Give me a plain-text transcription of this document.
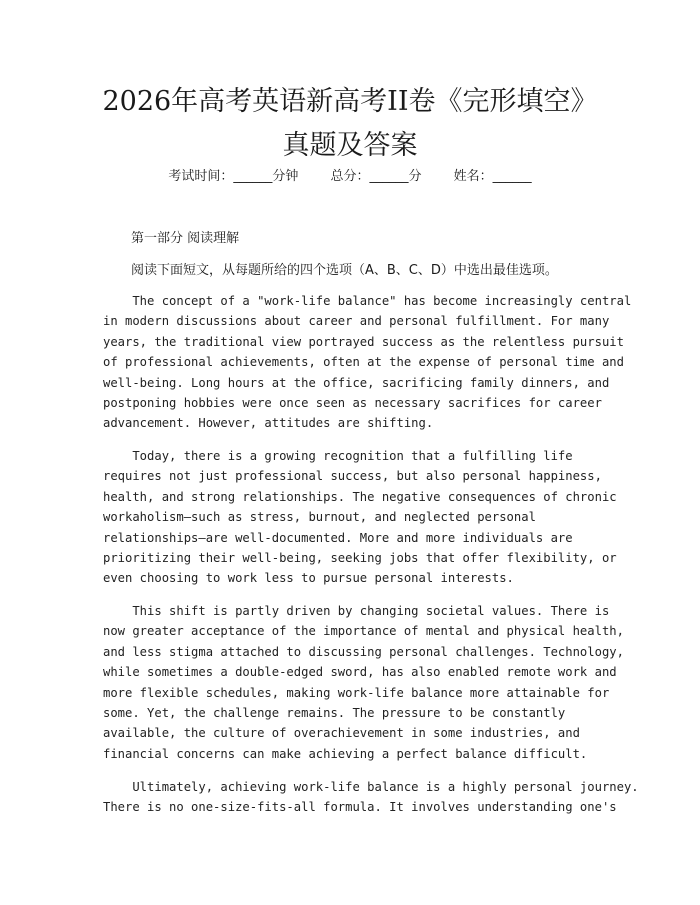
2026年高考英语新高考II卷《完形填空》
真题及答案
考试时间：______分钟 总分：______分 姓名：______
第一部分 阅读理解
阅读下面短文，从每题所给的四个选项（A、B、C、D）中选出最佳选项。
The concept of a "work-life balance" has become increasingly central
in modern discussions about career and personal fulfillment. For many
years, the traditional view portrayed success as the relentless pursuit
of professional achievements, often at the expense of personal time and
well-being. Long hours at the office, sacrificing family dinners, and
postponing hobbies were once seen as necessary sacrifices for career
advancement. However, attitudes are shifting.
Today, there is a growing recognition that a fulfilling life
requires not just professional success, but also personal happiness,
health, and strong relationships. The negative consequences of chronic
workaholism—such as stress, burnout, and neglected personal
relationships—are well-documented. More and more individuals are
prioritizing their well-being, seeking jobs that offer flexibility, or
even choosing to work less to pursue personal interests.
This shift is partly driven by changing societal values. There is
now greater acceptance of the importance of mental and physical health,
and less stigma attached to discussing personal challenges. Technology,
while sometimes a double-edged sword, has also enabled remote work and
more flexible schedules, making work-life balance more attainable for
some. Yet, the challenge remains. The pressure to be constantly
available, the culture of overachievement in some industries, and
financial concerns can make achieving a perfect balance difficult.
Ultimately, achieving work-life balance is a highly personal journey.
There is no one-size-fits-all formula. It involves understanding one's
